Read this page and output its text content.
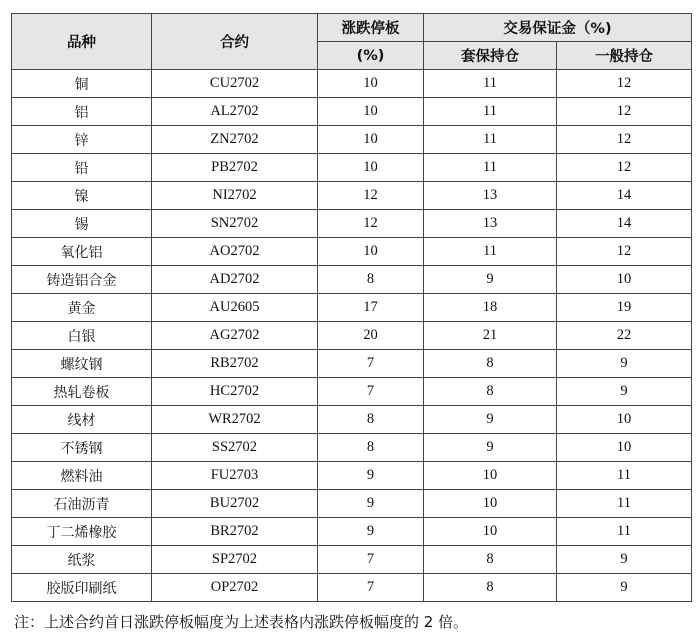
品种	合约	涨跌停板	交易保证金（%)	
		(%)	套保持仓	一般持仓
铜	CU2702	10	11	12
铝	AL2702	10	11	12
锌	ZN2702	10	11	12
铅	PB2702	10	11	12
镍	NI2702	12	13	14
锡	SN2702	12	13	14
氧化铝	AO2702	10	11	12
铸造铝合金	AD2702	8	9	10
黄金	AU2605	17	18	19
白银	AG2702	20	21	22
螺纹钢	RB2702	7	8	9
热轧卷板	HC2702	7	8	9
线材	WR2702	8	9	10
不锈钢	SS2702	8	9	10
燃料油	FU2703	9	10	11
石油沥青	BU2702	9	10	11
丁二烯橡胶	BR2702	9	10	11
纸浆	SP2702	7	8	9
胶版印刷纸	OP2702	7	8	9
注：上述合约首日涨跌停板幅度为上述表格内涨跌停板幅度的 2 倍。
